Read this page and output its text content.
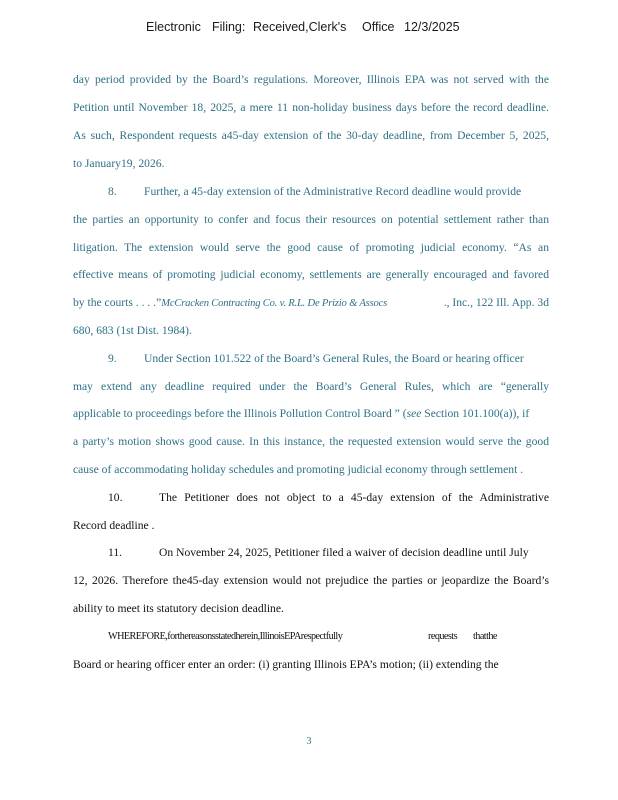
Electronic Filing: Received,Clerk's Office 12/3/2025
day period provided by the Board’s regulations. Moreover, Illinois EPA was not served with the
Petition until November 18, 2025, a mere 11 non-holiday business days before the record deadline.
As such, Respondent requests a45-day extension of the 30-day deadline, from December 5, 2025,
to January19, 2026.
8. Further, a 45-day extension of the Administrative Record deadline would provide
the parties an opportunity to confer and focus their resources on potential settlement rather than
litigation. The extension would serve the good cause of promoting judicial economy. “As an
effective means of promoting judicial economy, settlements are generally encouraged and favored
by the courts . . . .”McCracken Contracting Co. v. R.L. De Prizio & Assocs	., Inc., 122 Ill. App. 3d
680, 683 (1st Dist. 1984).
9. Under Section 101.522 of the Board’s General Rules, the Board or hearing officer
may extend any deadline required under the Board’s General Rules, which are “generally
applicable to proceedings before the Illinois Pollution Control Board ” (see Section 101.100(a)), if
a party’s motion shows good cause. In this instance, the requested extension would serve the good
cause of accommodating holiday schedules and promoting judicial economy through settlement .
10.	The Petitioner does not object to a 45-day extension of the Administrative
Record deadline .
11.	On November 24, 2025, Petitioner filed a waiver of decision deadline until July
12, 2026. Therefore the45-day extension would not prejudice the parties or jeopardize the Board’s
ability to meet its statutory decision deadline.
WHEREFORE,forthereasonsstatedherein,IllinoisEPArespectfully	requests thatthe
Board or hearing officer enter an order: (i) granting Illinois EPA’s motion; (ii) extending the
3
